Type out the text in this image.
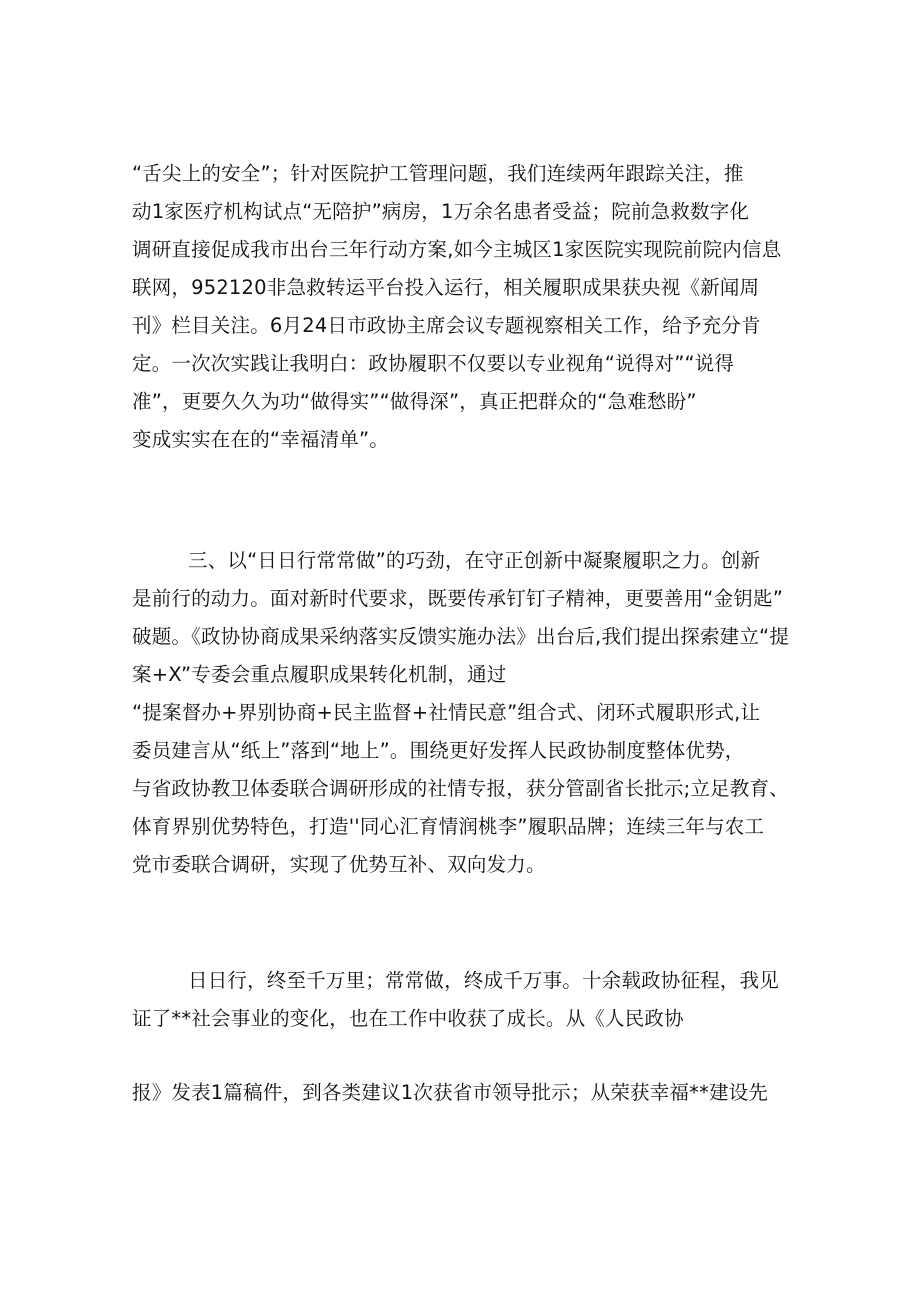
“舌尖上的安全”；针对医院护工管理问题，我们连续两年跟踪关注，推
动1家医疗机构试点“无陪护”病房，1万余名患者受益；院前急救数字化
调研直接促成我市出台三年行动方案,如今主城区1家医院实现院前院内信息
联网，952120非急救转运平台投入运行，相关履职成果获央视《新闻周
刊》栏目关注。6月24日市政协主席会议专题视察相关工作，给予充分肯
定。一次次实践让我明白：政协履职不仅要以专业视角“说得对”“说得
准”，更要久久为功“做得实”“做得深”，真正把群众的“急难愁盼”
变成实实在在的“幸福清单”。
三、以“日日行常常做”的巧劲，在守正创新中凝聚履职之力。创新
是前行的动力。面对新时代要求，既要传承钉钉子精神，更要善用“金钥匙”
破题。《政协协商成果采纳落实反馈实施办法》出台后,我们提出探索建立“提
案+X”专委会重点履职成果转化机制，通过
“提案督办+界别协商+民主监督+社情民意”组合式、闭环式履职形式,让
委员建言从“纸上”落到“地上”。围绕更好发挥人民政协制度整体优势，
与省政协教卫体委联合调研形成的社情专报，获分管副省长批示;立足教育、
体育界别优势特色，打造''同心汇育情润桃李”履职品牌；连续三年与农工
党市委联合调研，实现了优势互补、双向发力。
日日行，终至千万里；常常做，终成千万事。十余载政协征程，我见
证了**社会事业的变化，也在工作中收获了成长。从《人民政协
报》发表1篇稿件，到各类建议1次获省市领导批示；从荣获幸福**建设先
